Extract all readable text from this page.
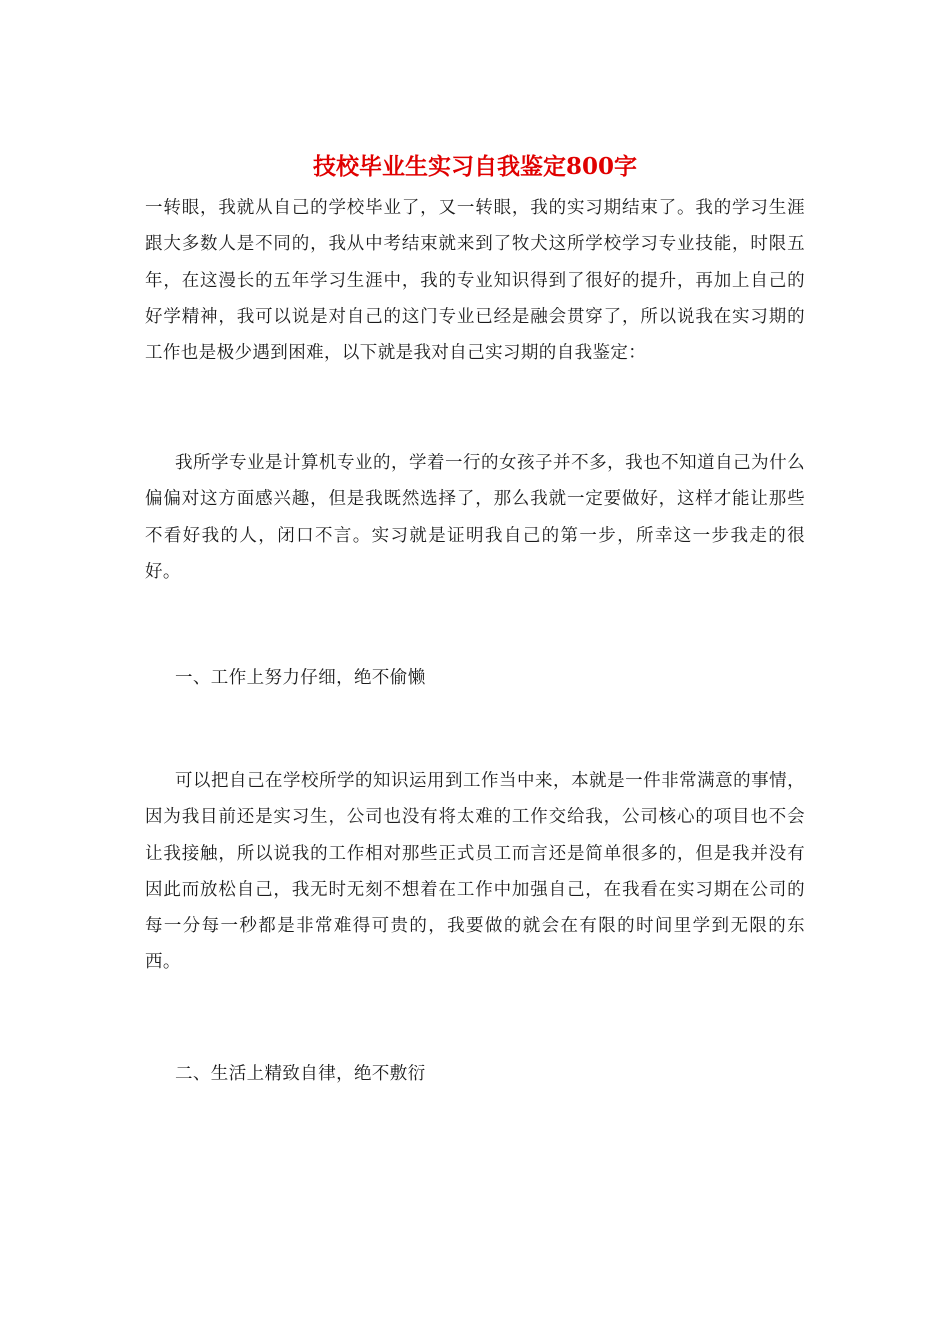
技校毕业生实习自我鉴定800字

一转眼，我就从自己的学校毕业了，又一转眼，我的实习期结束了。我的学习生涯跟大多数人是不同的，我从中考结束就来到了牧犬这所学校学习专业技能，时限五年，在这漫长的五年学习生涯中，我的专业知识得到了很好的提升，再加上自己的好学精神，我可以说是对自己的这门专业已经是融会贯穿了，所以说我在实习期的工作也是极少遇到困难，以下就是我对自己实习期的自我鉴定：

我所学专业是计算机专业的，学着一行的女孩子并不多，我也不知道自己为什么偏偏对这方面感兴趣，但是我既然选择了，那么我就一定要做好，这样才能让那些不看好我的人，闭口不言。实习就是证明我自己的第一步，所幸这一步我走的很好。

一、工作上努力仔细，绝不偷懒

可以把自己在学校所学的知识运用到工作当中来，本就是一件非常满意的事情，因为我目前还是实习生，公司也没有将太难的工作交给我，公司核心的项目也不会让我接触，所以说我的工作相对那些正式员工而言还是简单很多的，但是我并没有因此而放松自己，我无时无刻不想着在工作中加强自己，在我看在实习期在公司的每一分每一秒都是非常难得可贵的，我要做的就会在有限的时间里学到无限的东西。

二、生活上精致自律，绝不敷衍
